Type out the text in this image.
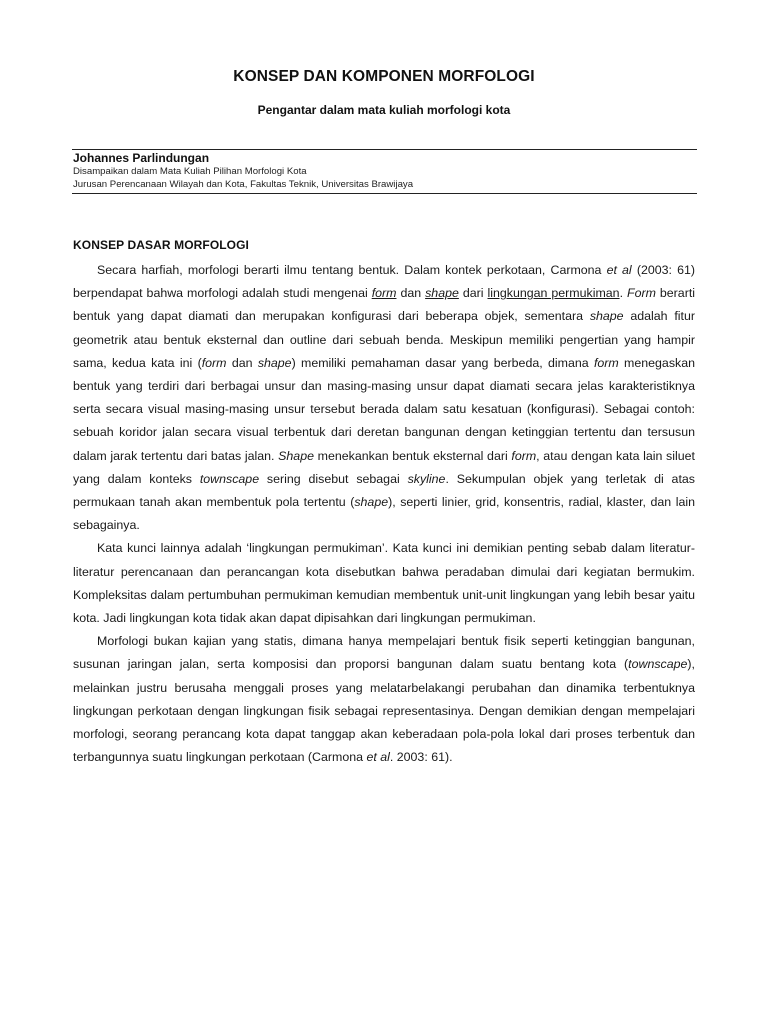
KONSEP DAN KOMPONEN MORFOLOGI
Pengantar dalam mata kuliah morfologi kota
Johannes Parlindungan
Disampaikan dalam Mata Kuliah Pilihan Morfologi Kota
Jurusan Perencanaan Wilayah dan Kota, Fakultas Teknik, Universitas Brawijaya
KONSEP DASAR MORFOLOGI

Secara harfiah, morfologi berarti ilmu tentang bentuk. Dalam kontek perkotaan, Carmona et al (2003: 61) berpendapat bahwa morfologi adalah studi mengenai form dan shape dari lingkungan permukiman. Form berarti bentuk yang dapat diamati dan merupakan konfigurasi dari beberapa objek, sementara shape adalah fitur geometrik atau bentuk eksternal dan outline dari sebuah benda. Meskipun memiliki pengertian yang hampir sama, kedua kata ini (form dan shape) memiliki pemahaman dasar yang berbeda, dimana form menegaskan bentuk yang terdiri dari berbagai unsur dan masing-masing unsur dapat diamati secara jelas karakteristiknya serta secara visual masing-masing unsur tersebut berada dalam satu kesatuan (konfigurasi). Sebagai contoh: sebuah koridor jalan secara visual terbentuk dari deretan bangunan dengan ketinggian tertentu dan tersusun dalam jarak tertentu dari batas jalan. Shape menekankan bentuk eksternal dari form, atau dengan kata lain siluet yang dalam konteks townscape sering disebut sebagai skyline. Sekumpulan objek yang terletak di atas permukaan tanah akan membentuk pola tertentu (shape), seperti linier, grid, konsentris, radial, klaster, dan lain sebagainya.

Kata kunci lainnya adalah ‘lingkungan permukiman’. Kata kunci ini demikian penting sebab dalam literatur-literatur perencanaan dan perancangan kota disebutkan bahwa peradaban dimulai dari kegiatan bermukim. Kompleksitas dalam pertumbuhan permukiman kemudian membentuk unit-unit lingkungan yang lebih besar yaitu kota. Jadi lingkungan kota tidak akan dapat dipisahkan dari lingkungan permukiman.

Morfologi bukan kajian yang statis, dimana hanya mempelajari bentuk fisik seperti ketinggian bangunan, susunan jaringan jalan, serta komposisi dan proporsi bangunan dalam suatu bentang kota (townscape), melainkan justru berusaha menggali proses yang melatarbelakangi perubahan dan dinamika terbentuknya lingkungan perkotaan dengan lingkungan fisik sebagai representasinya. Dengan demikian dengan mempelajari morfologi, seorang perancang kota dapat tanggap akan keberadaan pola-pola lokal dari proses terbentuk dan terbangunnya suatu lingkungan perkotaan (Carmona et al. 2003: 61).
